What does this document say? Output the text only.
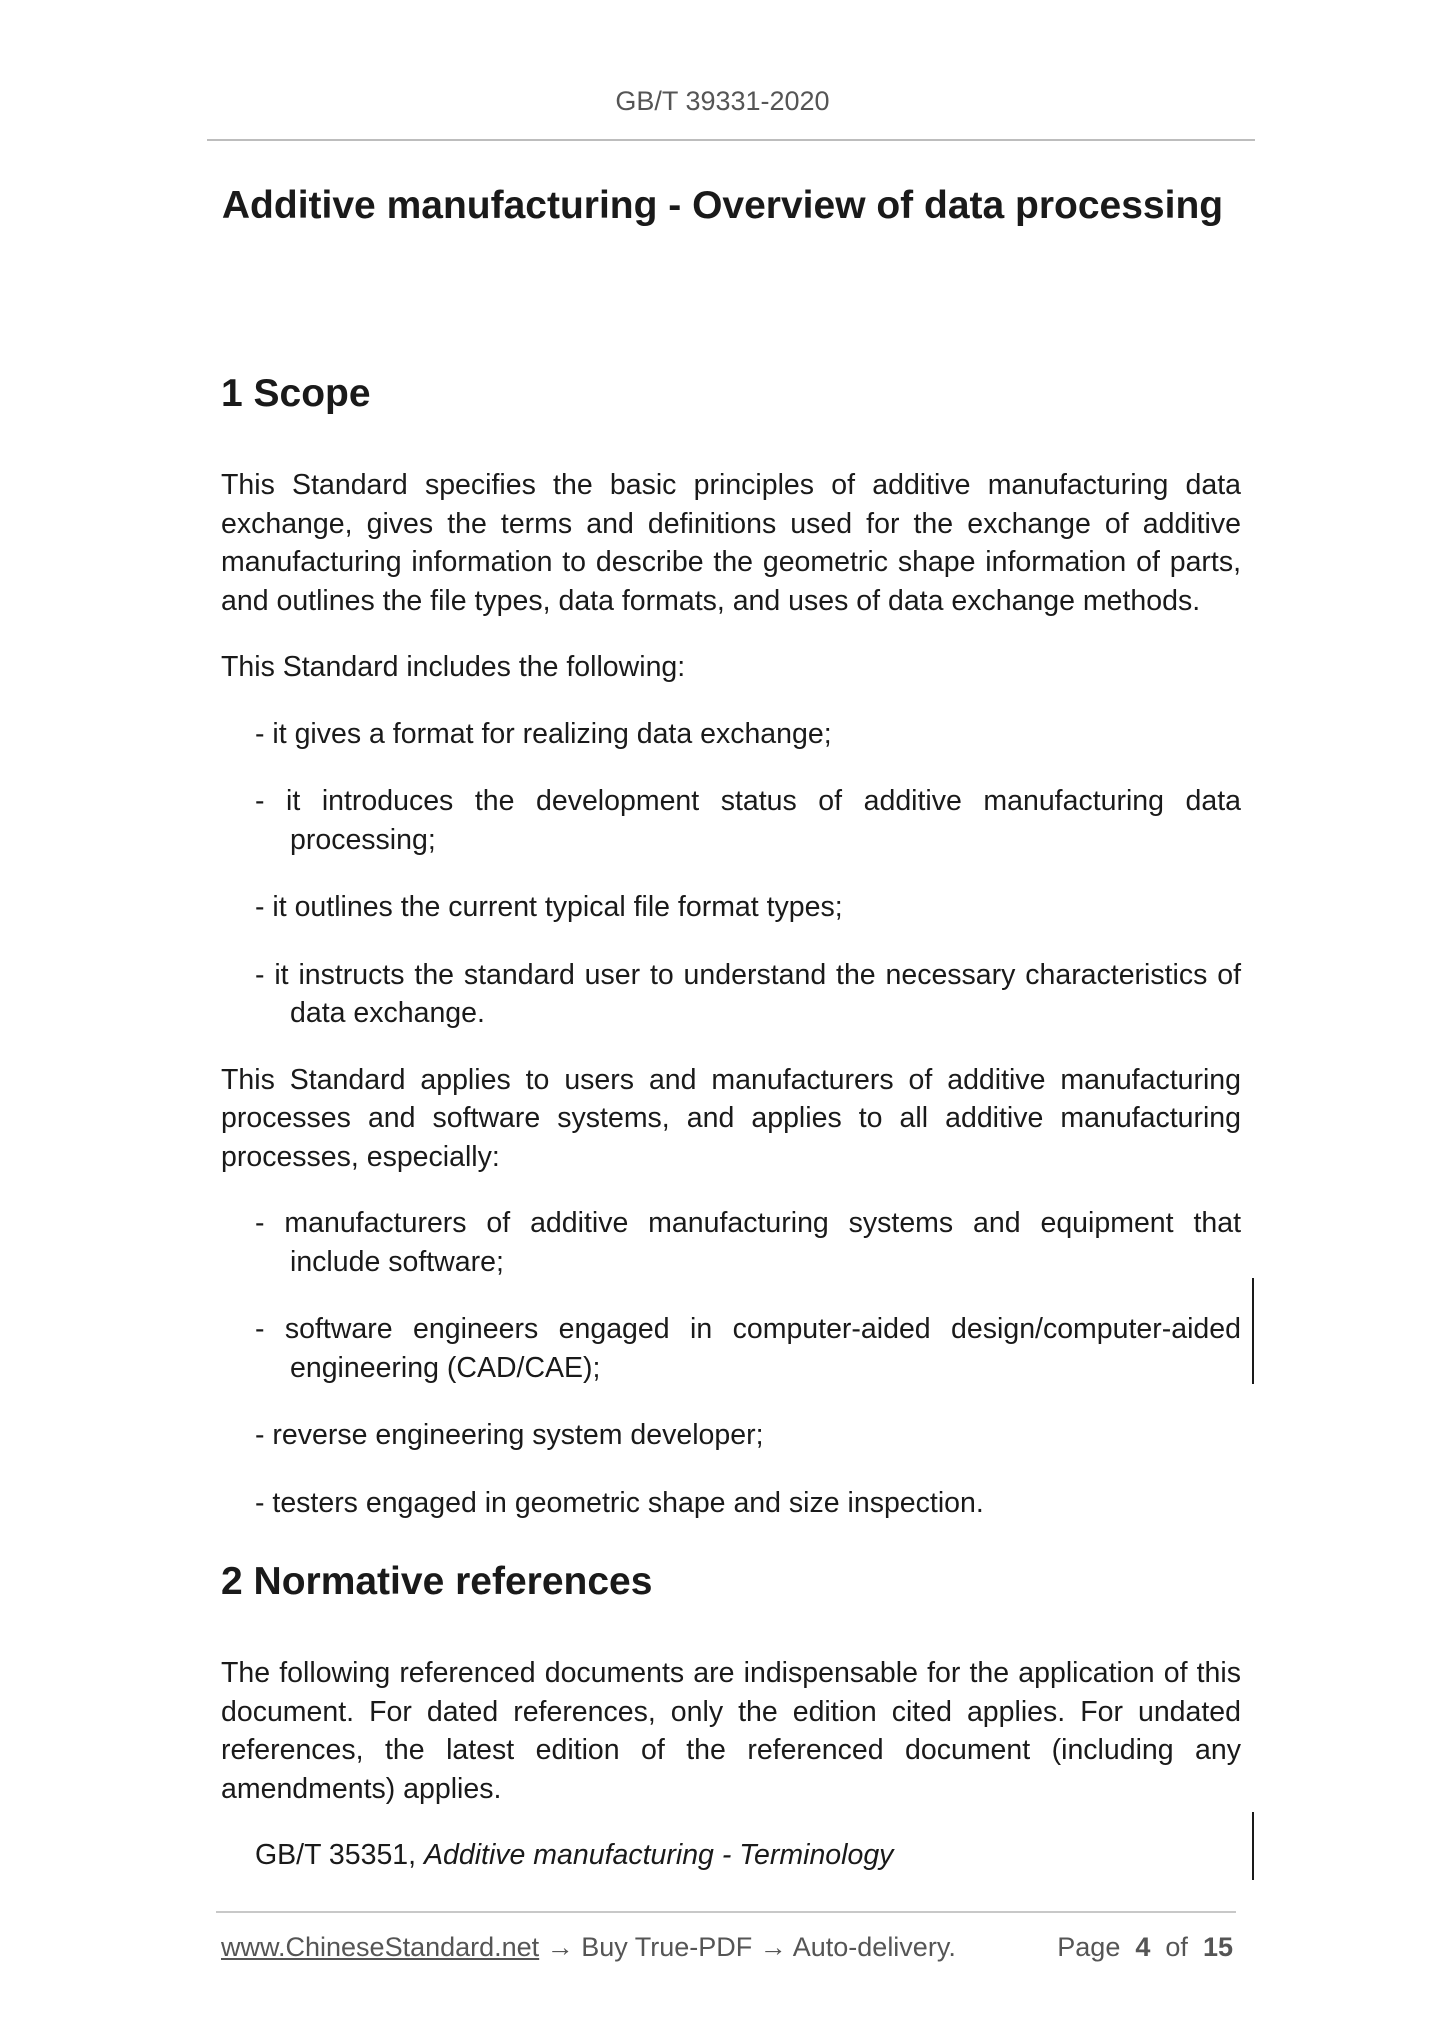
GB/T 39331-2020
Additive manufacturing - Overview of data processing
1 Scope

This Standard specifies the basic principles of additive manufacturing data exchange, gives the terms and definitions used for the exchange of additive manufacturing information to describe the geometric shape information of parts, and outlines the file types, data formats, and uses of data exchange methods.

This Standard includes the following:

- it gives a format for realizing data exchange;
- it introduces the development status of additive manufacturing data processing;
- it outlines the current typical file format types;
- it instructs the standard user to understand the necessary characteristics of data exchange.

This Standard applies to users and manufacturers of additive manufacturing processes and software systems, and applies to all additive manufacturing processes, especially:

- manufacturers of additive manufacturing systems and equipment that include software;
- software engineers engaged in computer-aided design/computer-aided engineering (CAD/CAE);
- reverse engineering system developer;
- testers engaged in geometric shape and size inspection.
2 Normative references

The following referenced documents are indispensable for the application of this document. For dated references, only the edition cited applies. For undated references, the latest edition of the referenced document (including any amendments) applies.

GB/T 35351, Additive manufacturing - Terminology

www.ChineseStandard.net → Buy True-PDF → Auto-delivery.	Page 4 of 15
